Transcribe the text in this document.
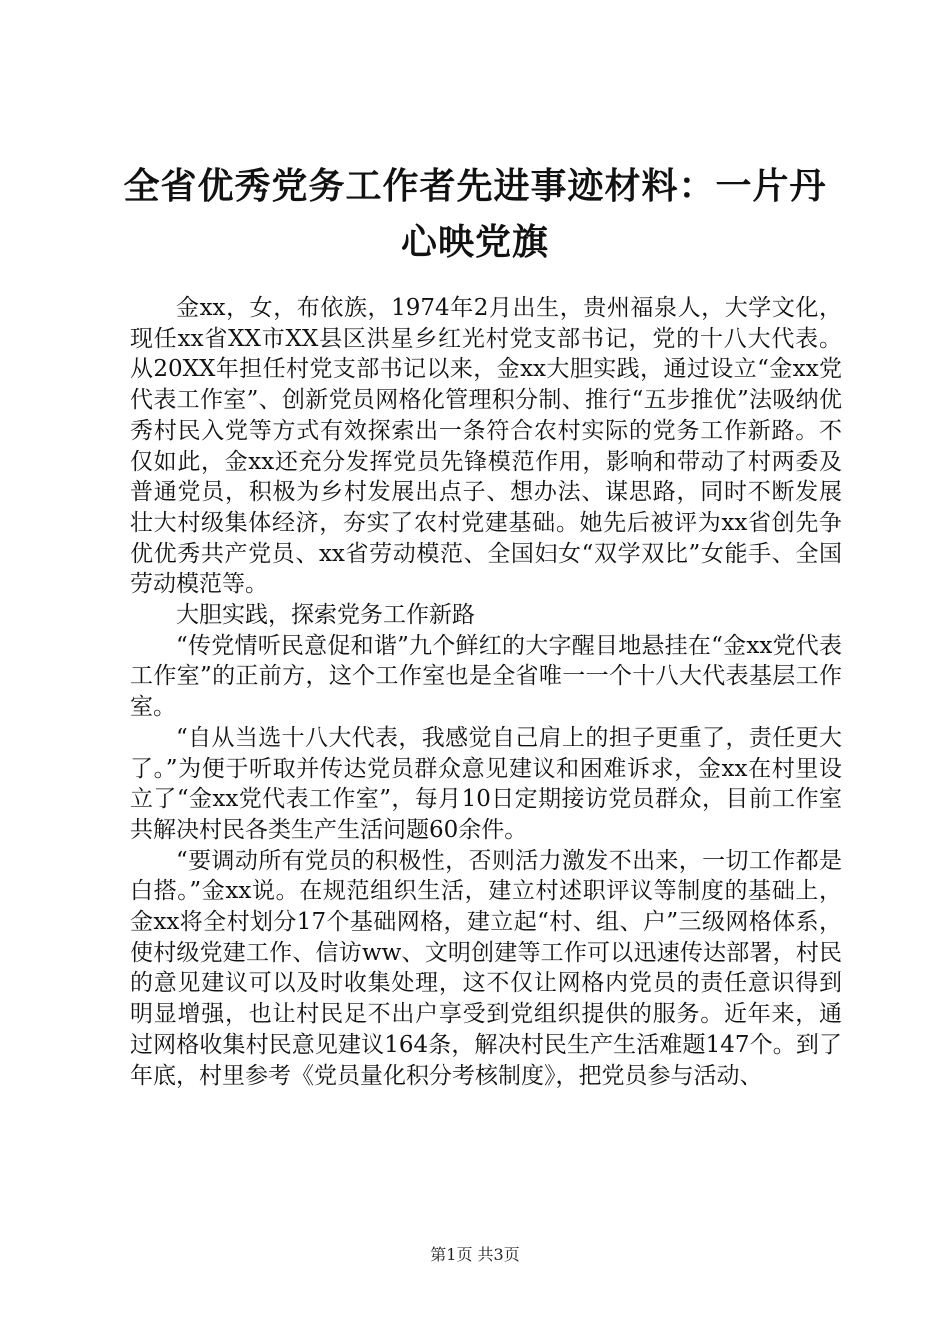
全省优秀党务工作者先进事迹材料：一片丹心映党旗

金xx，女，布依族，1974年2月出生，贵州福泉人，大学文化，现任xx省XX市XX县区洪星乡红光村党支部书记，党的十八大代表。从20XX年担任村党支部书记以来，金xx大胆实践，通过设立“金xx党代表工作室”、创新党员网格化管理积分制、推行“五步推优”法吸纳优秀村民入党等方式有效探索出一条符合农村实际的党务工作新路。不仅如此，金xx还充分发挥党员先锋模范作用，影响和带动了村两委及普通党员，积极为乡村发展出点子、想办法、谋思路，同时不断发展壮大村级集体经济，夯实了农村党建基础。她先后被评为xx省创先争优优秀共产党员、xx省劳动模范、全国妇女“双学双比”女能手、全国劳动模范等。

大胆实践，探索党务工作新路

“传党情听民意促和谐”九个鲜红的大字醒目地悬挂在“金xx党代表工作室”的正前方，这个工作室也是全省唯一一个十八大代表基层工作室。

“自从当选十八大代表，我感觉自己肩上的担子更重了，责任更大了。”为便于听取并传达党员群众意见建议和困难诉求，金xx在村里设立了“金xx党代表工作室”，每月10日定期接访党员群众，目前工作室共解决村民各类生产生活问题60余件。

“要调动所有党员的积极性，否则活力激发不出来，一切工作都是白搭。”金xx说。在规范组织生活，建立村述职评议等制度的基础上，金xx将全村划分17个基础网格，建立起“村、组、户”三级网格体系，使村级党建工作、信访ww、文明创建等工作可以迅速传达部署，村民的意见建议可以及时收集处理，这不仅让网格内党员的责任意识得到明显增强，也让村民足不出户享受到党组织提供的服务。近年来，通过网格收集村民意见建议164条，解决村民生产生活难题147个。到了年底，村里参考《党员量化积分考核制度》，把党员参与活动、

第1页 共3页
